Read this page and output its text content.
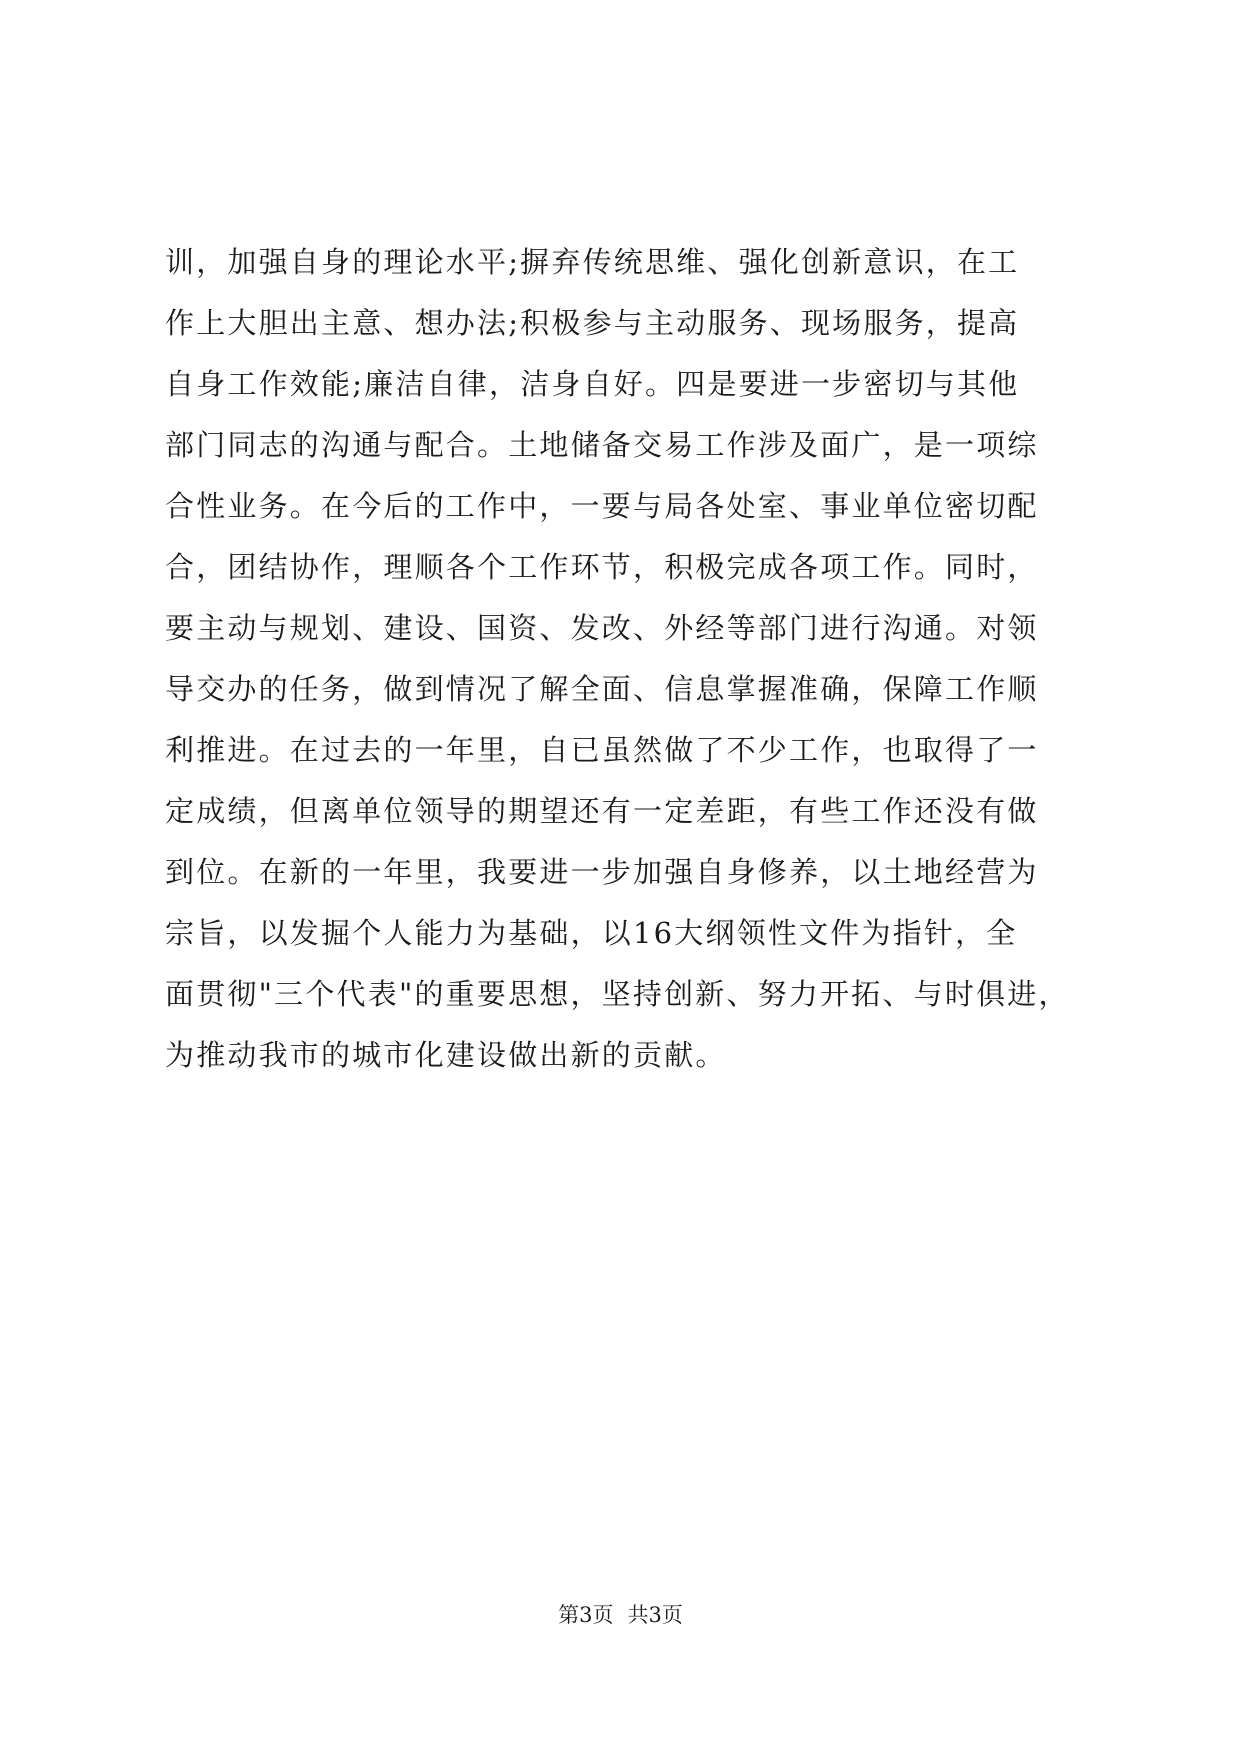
训，加强自身的理论水平;摒弃传统思维、强化创新意识，在工
作上大胆出主意、想办法;积极参与主动服务、现场服务，提高
自身工作效能;廉洁自律，洁身自好。四是要进一步密切与其他
部门同志的沟通与配合。土地储备交易工作涉及面广，是一项综
合性业务。在今后的工作中，一要与局各处室、事业单位密切配
合，团结协作，理顺各个工作环节，积极完成各项工作。同时，
要主动与规划、建设、国资、发改、外经等部门进行沟通。对领
导交办的任务，做到情况了解全面、信息掌握准确，保障工作顺
利推进。在过去的一年里，自已虽然做了不少工作，也取得了一
定成绩，但离单位领导的期望还有一定差距，有些工作还没有做
到位。在新的一年里，我要进一步加强自身修养，以土地经营为
宗旨，以发掘个人能力为基础，以16大纲领性文件为指针，全
面贯彻"三个代表"的重要思想，坚持创新、努力开拓、与时俱进，
为推动我市的城市化建设做出新的贡献。
第3页 共3页
